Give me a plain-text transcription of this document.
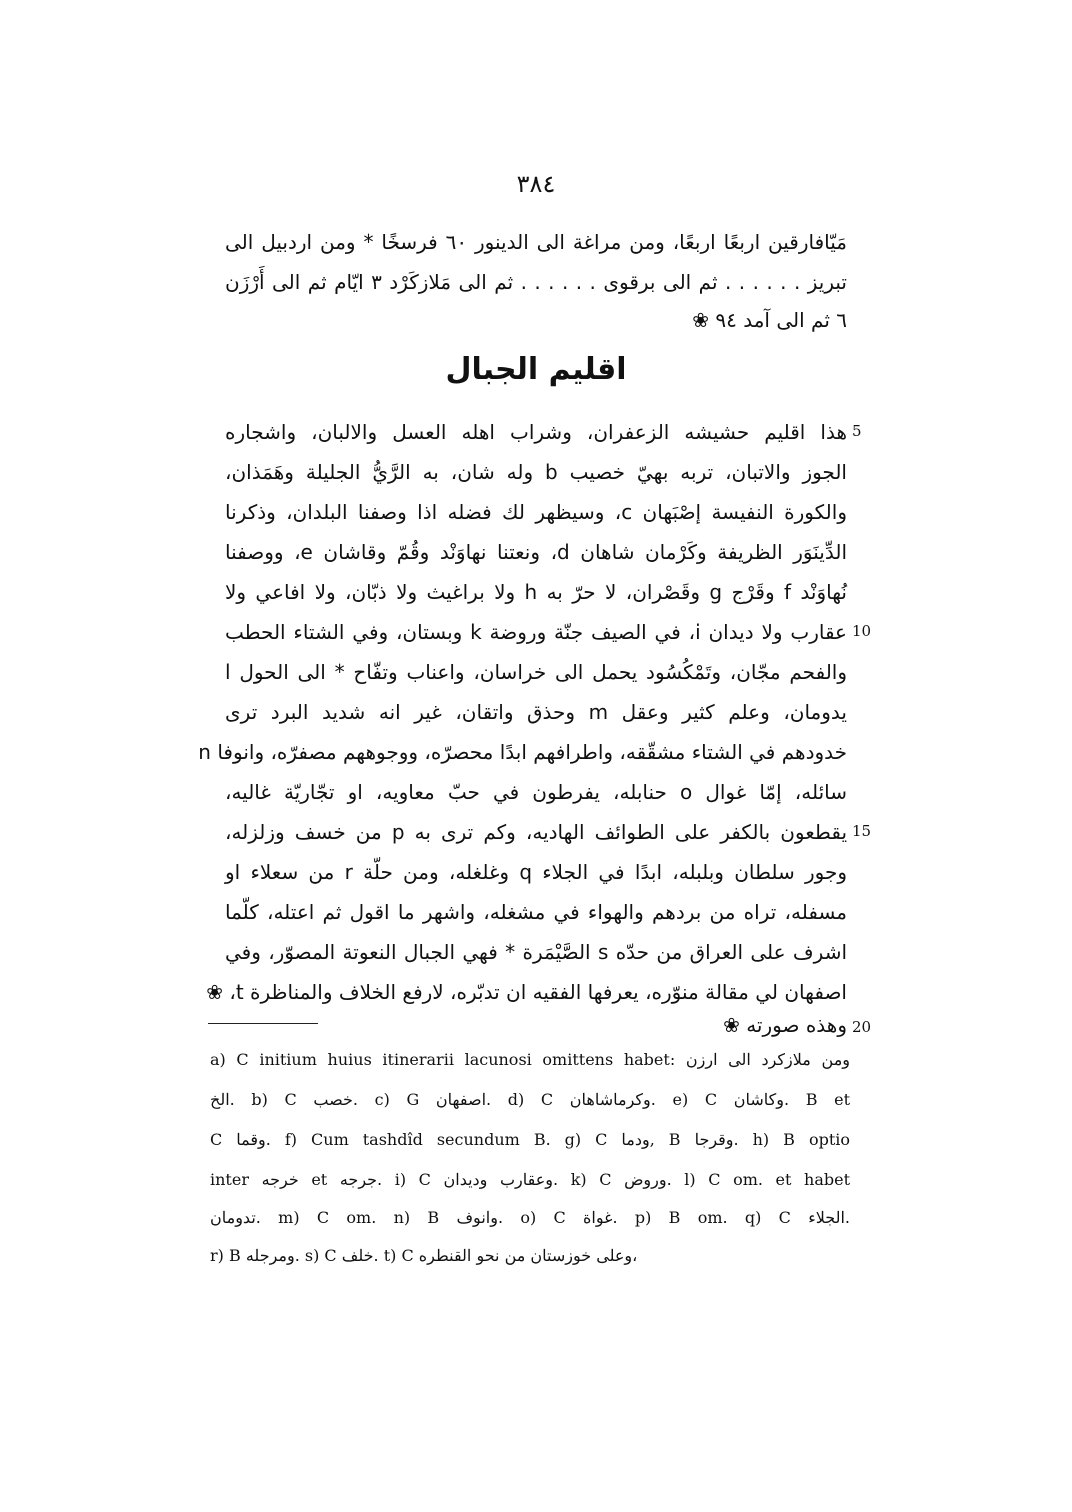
٣٨٤
مَيّافارقين اربعًا اربعًا، ومن مراغة الى الدينور ٦٠ فرسخًا * ومن اردبيل الى
تبريز . . . . . . ثم الى برقوى . . . . . . ثم الى مَلازكَرْد ٣ ايّام ثم الى أَرْزَن
٦ ثم الى آمد ٩٤ ❀
اقليم الجبال
هذا اقليم حشيشه الزعفران، وشراب اهله العسل والالبان، واشجاره
الجوز والاتبان، تربه بهيّ خصيب b وله شان، به الرَّيُّ الجليلة وهَمَذان،
والكورة النفيسة إصْبَهان c، وسيظهر لك فضله اذا وصفنا البلدان، وذكرنا
الدِّينَوَر الظريفة وكَرْمان شاهان d، ونعتنا نهاوَنْد وقُمّ وقاشان e، ووصفنا
نُهاوَنْد f وقَرْج g وقَصْران، لا حرّ به h ولا براغيث ولا ذبّان، ولا افاعي ولا
عقارب ولا ديدان i، في الصيف جنّة وروضة k وبستان، وفي الشتاء الحطب
والفحم مجّان، وتَمْكُسُود يحمل الى خراسان، واعناب وتفّاح * الى الحول l
يدومان، وعلم كثير وعقل m وحذق واتقان، غير انه شديد البرد ترى
خدودهم في الشتاء مشقّقه، واطرافهم ابدًا محصرّه، ووجوههم مصفرّه، وانوفا n
سائله، إمّا غوال o حنابله، يفرطون في حبّ معاويه، او تجّاريّة غاليه،
يقطعون بالكفر على الطوائف الهاديه، وكم ترى به p من خسف وزلزله،
وجور سلطان وبلبله، ابدًا في الجلاء q وغلغله، ومن حلّة r من سعلاء او
مسفله، تراه من بردهم والهواء في مشغله، واشهر ما اقول ثم اعتله، كلّما
اشرف على العراق من حدّه s الصَّيْمَرة * فهي الجبال النعوتة المصوّر، وفي
اصفهان لي مقالة منوّره، يعرفها الفقيه ان تدبّره، لارفع الخلاف والمناظرة t، ❀
وهذه صورته ❀
5
10
15
20
a) C initium huius itinerarii lacunosi omittens habet: ومن ملازكرد الى ارزن
الخ. b) C خصب. c) G اصفهان. d) C وكرماشاهان. e) C وكاشان. B et
C وقما. f) Cum tashdîd secundum B. g) C ودما, B وقرجا. h) B optio
inter خرجه et جرجه. i) C وعقارب وديدان. k) C وروض. l) C om. et habet
تدومان. m) C om. n) B وانوف. o) C غواة. p) B om. q) C الجلاء.
r) B ومرجله. s) C خلف. t) C وعلى خوزستان من نحو القنطره،
